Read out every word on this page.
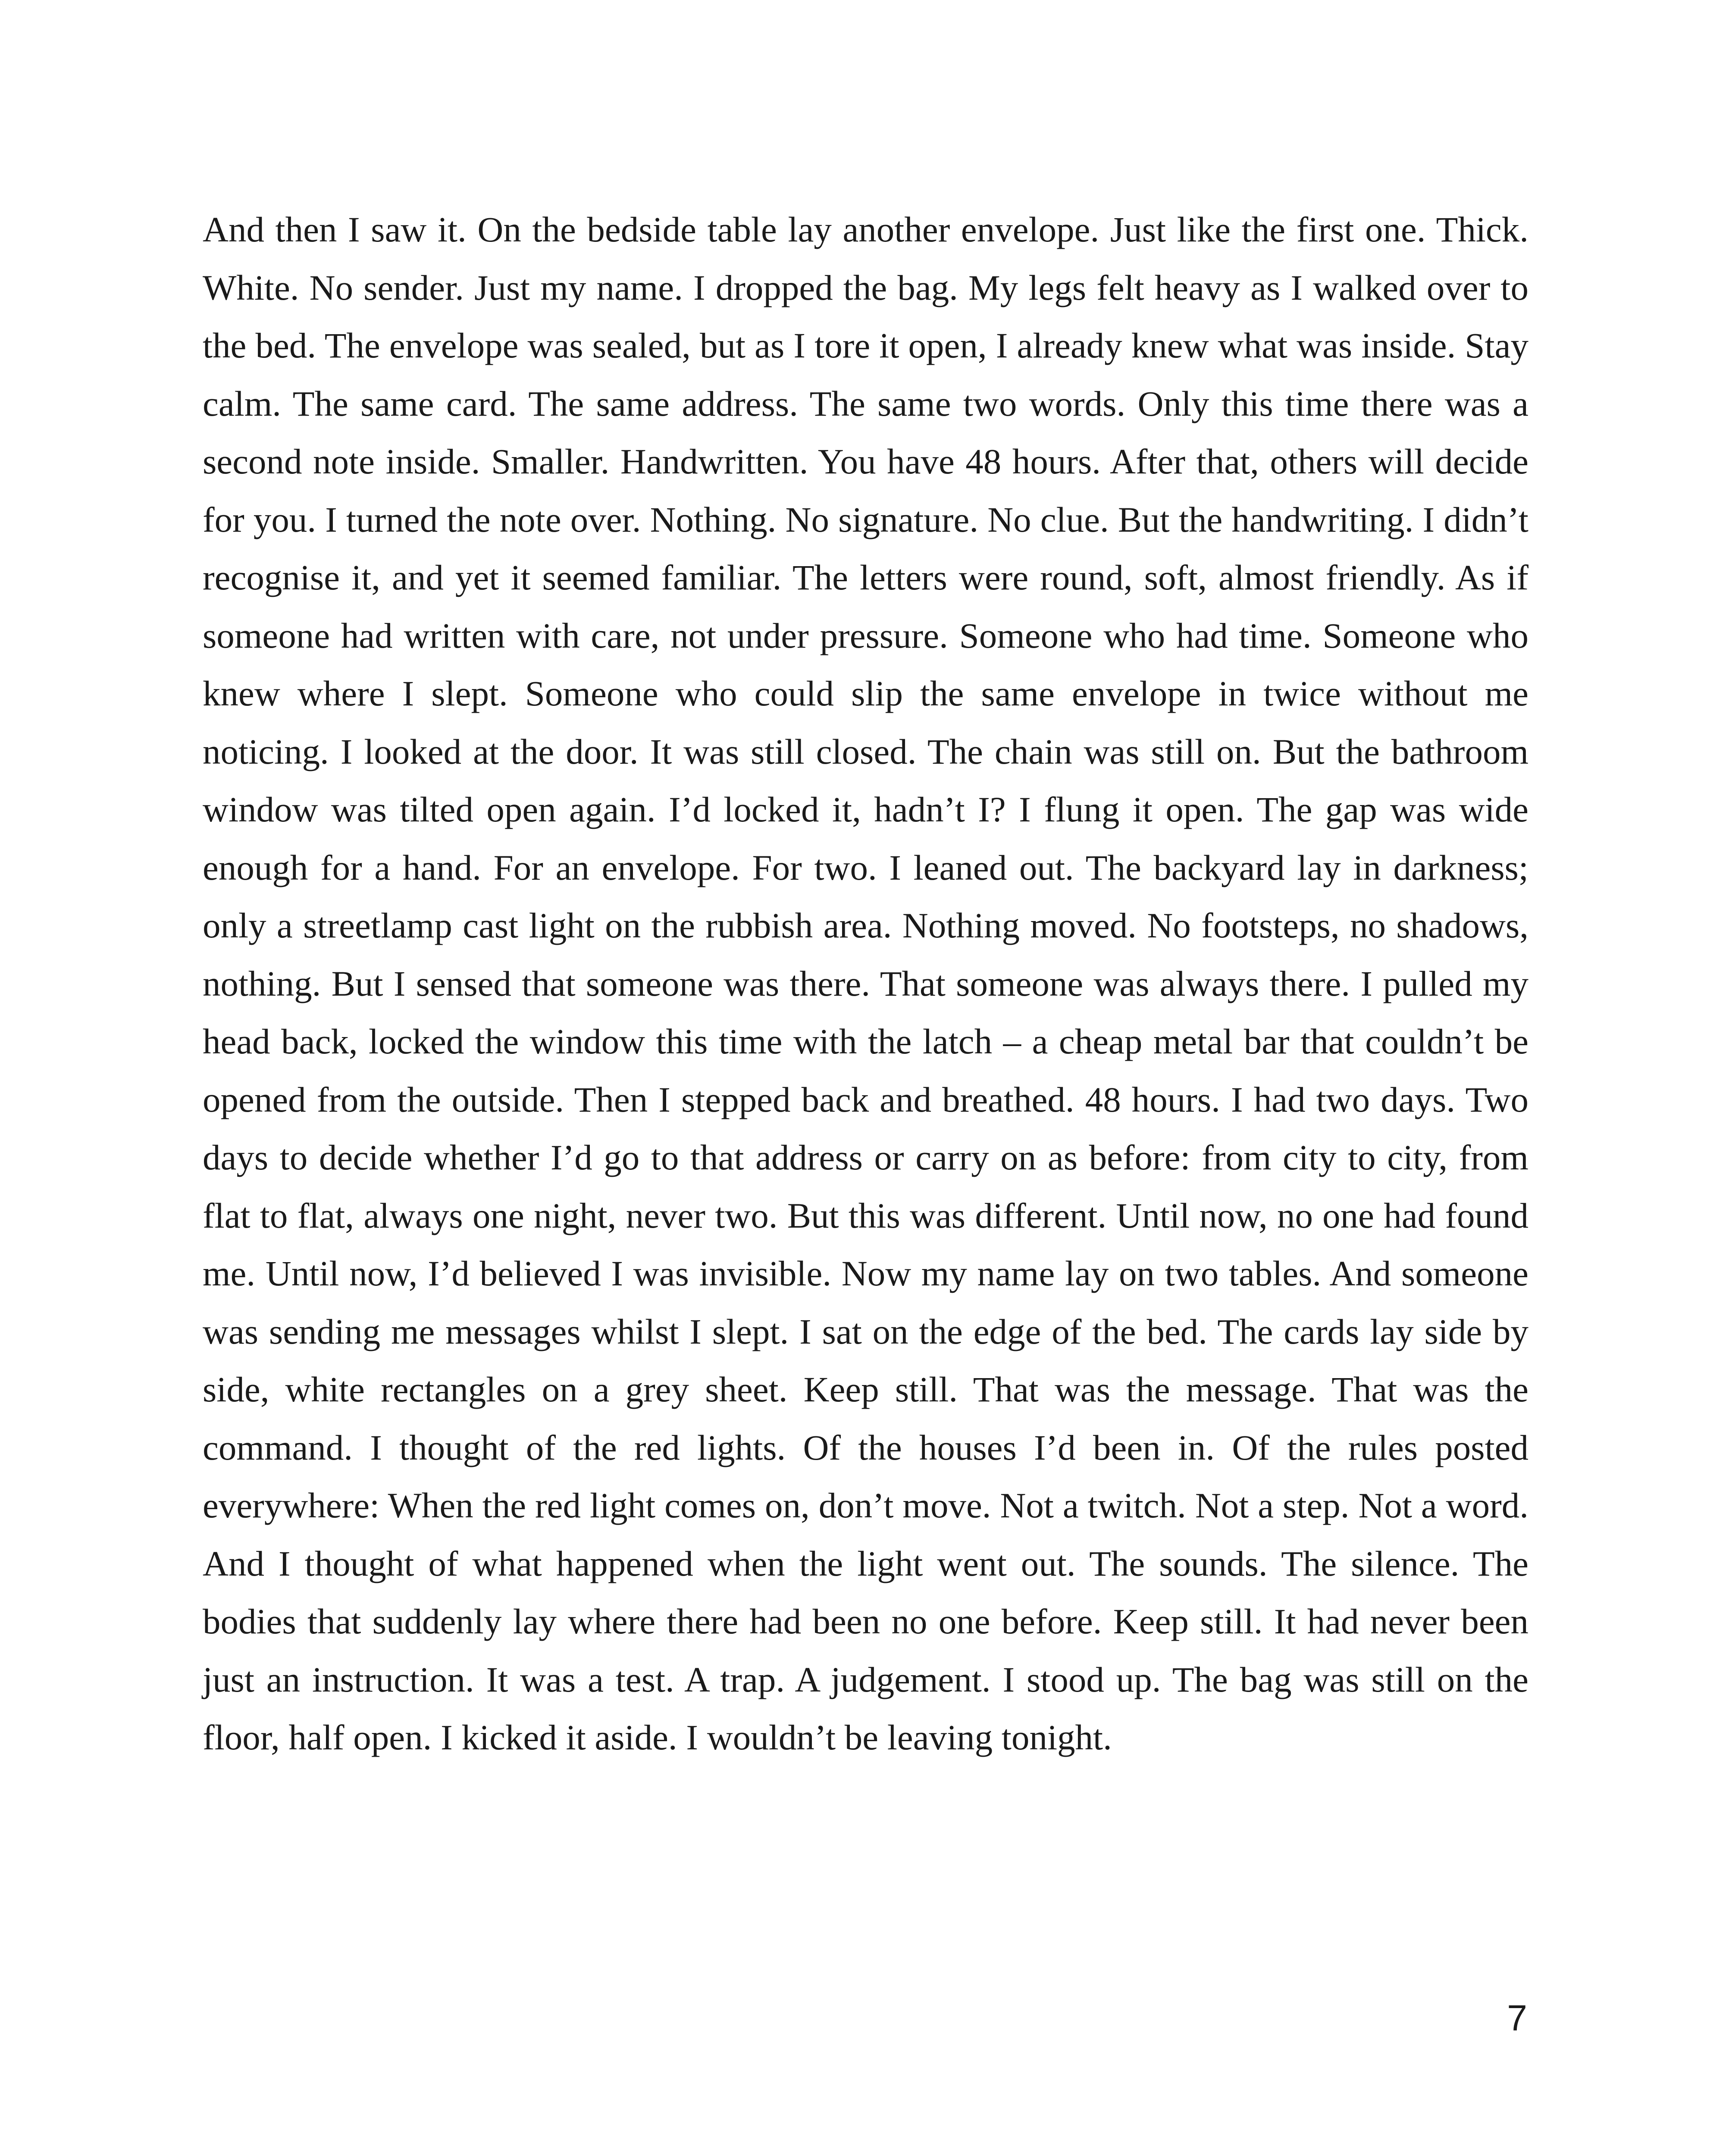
And then I saw it. On the bedside table lay another envelope. Just like the first one. Thick. White. No sender. Just my name. I dropped the bag. My legs felt heavy as I walked over to the bed. The envelope was sealed, but as I tore it open, I already knew what was inside. Stay calm. The same card. The same address. The same two words. Only this time there was a second note inside. Smaller. Handwritten. You have 48 hours. After that, others will decide for you. I turned the note over. Nothing. No signature. No clue. But the handwriting. I didn’t recognise it, and yet it seemed familiar. The letters were round, soft, almost friendly. As if someone had written with care, not under pressure. Someone who had time. Someone who knew where I slept. Someone who could slip the same envelope in twice without me noticing. I looked at the door. It was still closed. The chain was still on. But the bathroom window was tilted open again. I’d locked it, hadn’t I? I flung it open. The gap was wide enough for a hand. For an envelope. For two. I leaned out. The backyard lay in darkness; only a streetlamp cast light on the rubbish area. Nothing moved. No footsteps, no shadows, nothing. But I sensed that someone was there. That someone was always there. I pulled my head back, locked the window this time with the latch – a cheap metal bar that couldn’t be opened from the outside. Then I stepped back and breathed. 48 hours. I had two days. Two days to decide whether I’d go to that address or carry on as before: from city to city, from flat to flat, always one night, never two. But this was different. Until now, no one had found me. Until now, I’d believed I was invisible. Now my name lay on two tables. And someone was sending me messages whilst I slept. I sat on the edge of the bed. The cards lay side by side, white rectangles on a grey sheet. Keep still. That was the message. That was the command. I thought of the red lights. Of the houses I’d been in. Of the rules posted everywhere: When the red light comes on, don’t move. Not a twitch. Not a step. Not a word. And I thought of what happened when the light went out. The sounds. The silence. The bodies that suddenly lay where there had been no one before. Keep still. It had never been just an instruction. It was a test. A trap. A judgement. I stood up. The bag was still on the floor, half open. I kicked it aside. I wouldn’t be leaving tonight.

7
